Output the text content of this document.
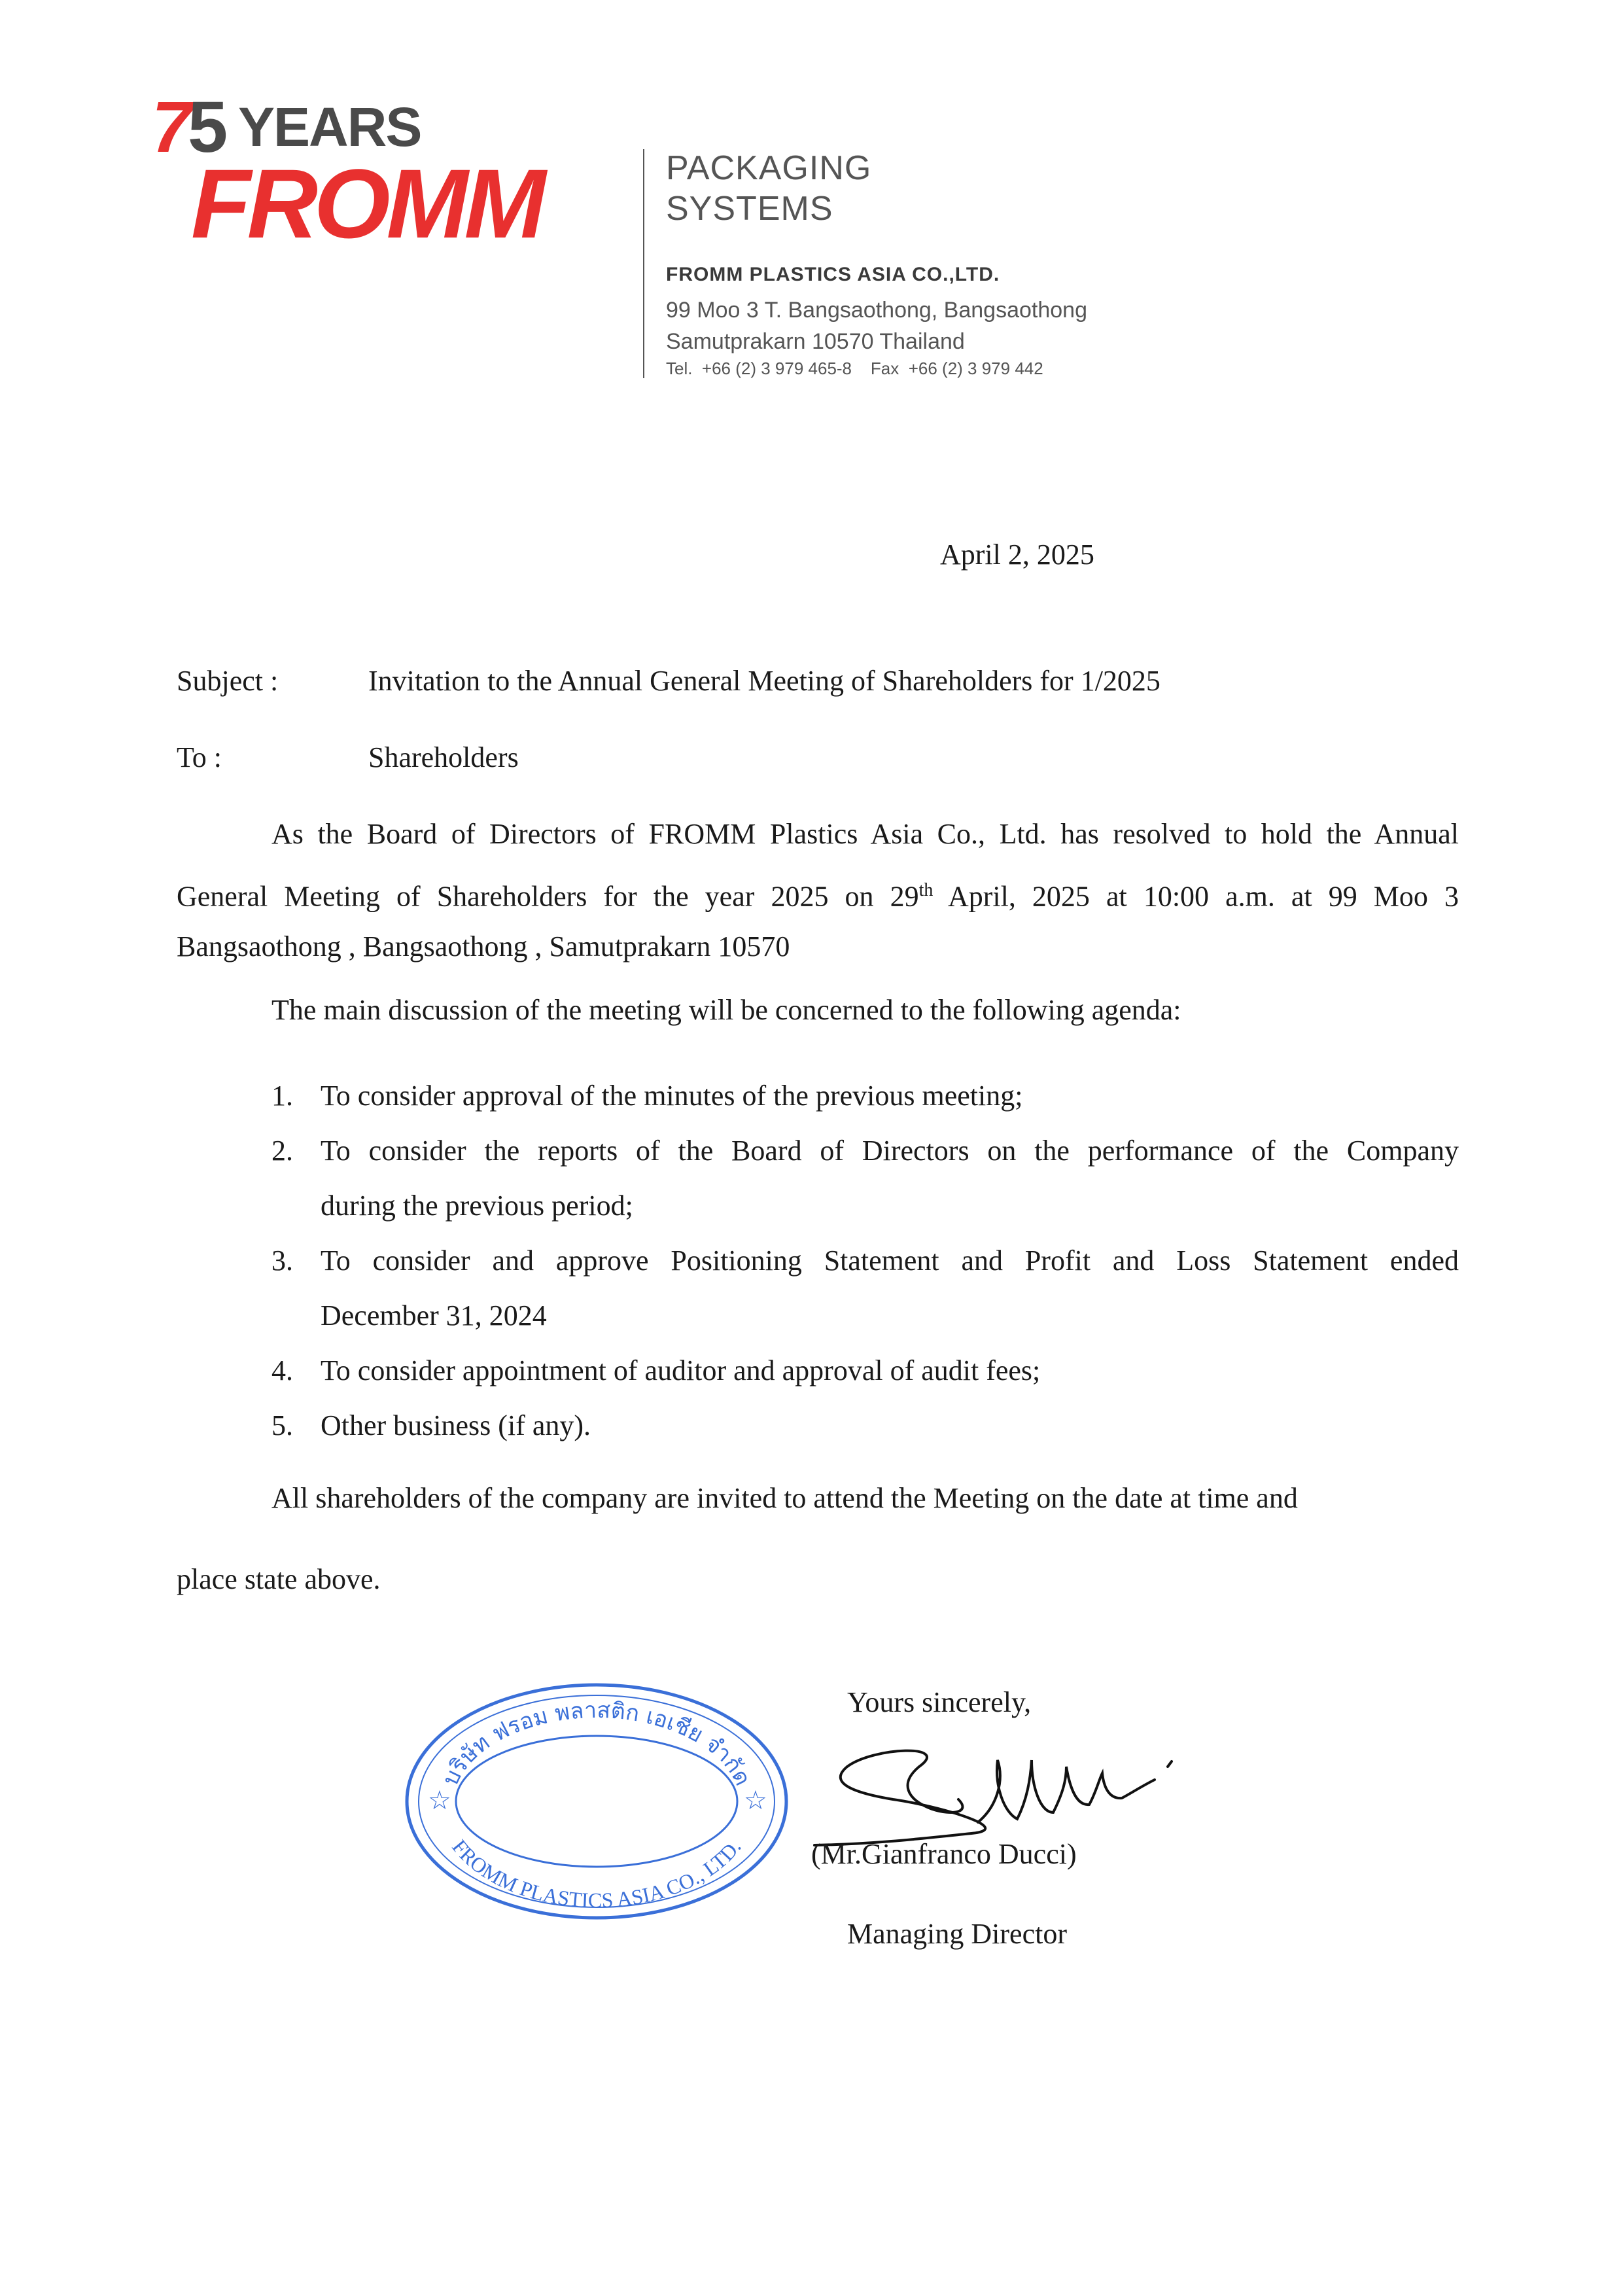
7
5 YEARS
FROMM	PACKAGING
SYSTEMS
FROMM PLASTICS ASIA CO.,LTD.
99 Moo 3 T. Bangsaothong, Bangsaothong
Samutprakarn 10570 Thailand
Tel.  +66 (2) 3 979 465-8    Fax  +66 (2) 3 979 442
April 2, 2025
Subject :	Invitation to the Annual General Meeting of Shareholders for 1/2025
To :	Shareholders
As the Board of Directors of FROMM Plastics Asia Co., Ltd. has resolved to hold the Annual
General Meeting of Shareholders for the year 2025 on 29th April, 2025 at 10:00 a.m. at 99 Moo 3
Bangsaothong , Bangsaothong , Samutprakarn 10570
The main discussion of the meeting will be concerned to the following agenda:
1. To consider approval of the minutes of the previous meeting;
2. To consider the reports of the Board of Directors on the performance of the Company
during the previous period;
3. To consider and approve Positioning Statement and Profit and Loss Statement ended
December 31, 2024
4. To consider appointment of auditor and approval of audit fees;
5. Other business (if any).
All shareholders of the company are invited to attend the Meeting on the date at time and
place state above.
Yours sincerely,
บริษัท ฟรอม พลาสติก เอเชีย จำกัด
FROMM PLASTICS ASIA CO., LTD.
☆	☆
(Mr.Gianfranco Ducci)
Managing Director
